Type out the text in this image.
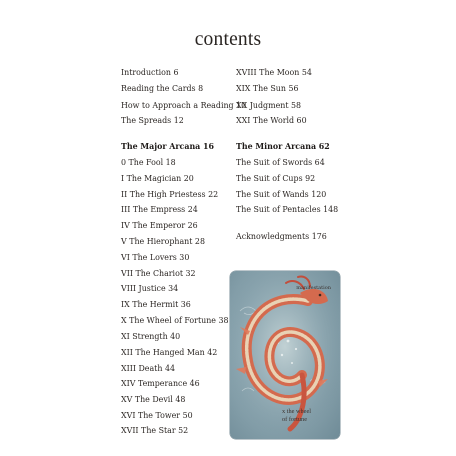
contents
Introduction 6
Reading the Cards 8
How to Approach a Reading 10
The Spreads 12
The Major Arcana 16
0 The Fool 18
I The Magician 20
II The High Priestess 22
III The Empress 24
IV The Emperor 26
V The Hierophant 28
VI The Lovers 30
VII The Chariot 32
VIII Justice 34
IX The Hermit 36
X The Wheel of Fortune 38
XI Strength 40
XII The Hanged Man 42
XIII Death 44
XIV Temperance 46
XV The Devil 48
XVI The Tower 50
XVII The Star 52
XVIII The Moon 54
XIX The Sun 56
XX Judgment 58
XXI The World 60
The Minor Arcana 62
The Suit of Swords 64
The Suit of Cups 92
The Suit of Wands 120
The Suit of Pentacles 148
Acknowledgments 176
manifestation
x the wheel
of fortune
